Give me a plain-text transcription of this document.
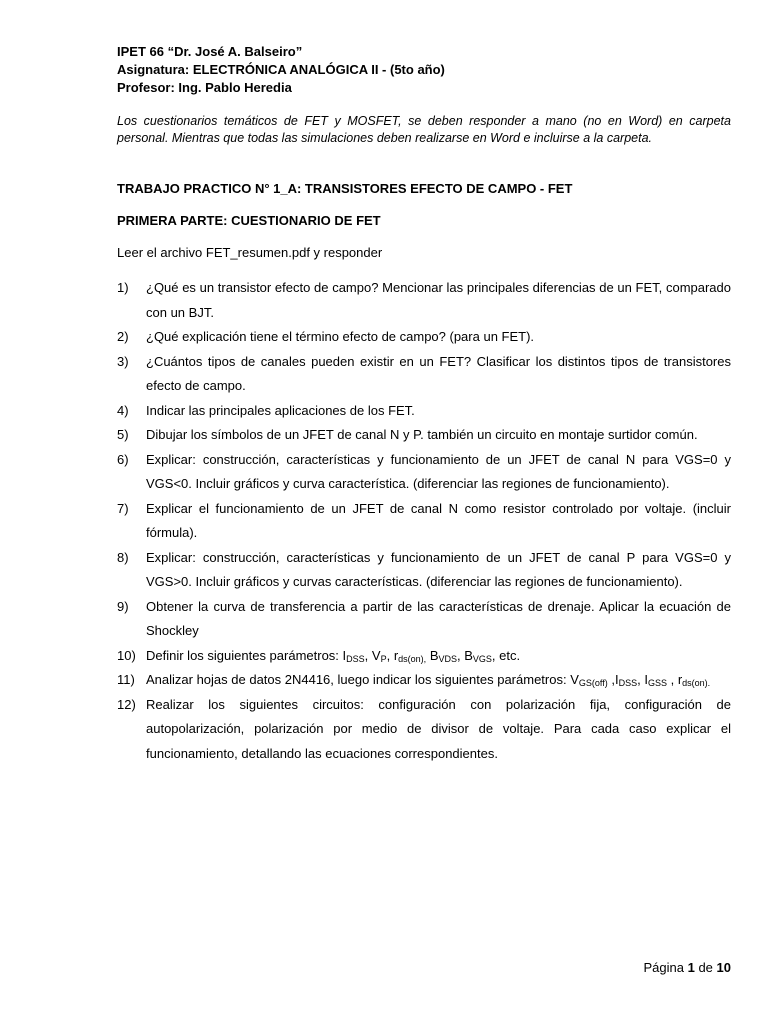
IPET 66 “Dr. José A. Balseiro”
Asignatura: ELECTRÓNICA ANALÓGICA II - (5to año)
Profesor: Ing. Pablo Heredia
Los cuestionarios temáticos de FET y MOSFET, se deben responder a mano (no en Word) en carpeta personal. Mientras que todas las simulaciones deben realizarse en Word e incluirse a la carpeta.
TRABAJO PRACTICO N° 1_A: TRANSISTORES EFECTO DE CAMPO - FET
PRIMERA PARTE: CUESTIONARIO DE FET
Leer el archivo FET_resumen.pdf y responder
1) ¿Qué es un transistor efecto de campo? Mencionar las principales diferencias de un FET, comparado con un BJT.
2) ¿Qué explicación tiene el término efecto de campo? (para un FET).
3) ¿Cuántos tipos de canales pueden existir en un FET? Clasificar los distintos tipos de transistores efecto de campo.
4) Indicar las principales aplicaciones de los FET.
5) Dibujar los símbolos de un JFET de canal N y P. también un circuito en montaje surtidor común.
6) Explicar: construcción, características y funcionamiento de un JFET de canal N para VGS=0 y VGS<0. Incluir gráficos y curva característica. (diferenciar las regiones de funcionamiento).
7) Explicar el funcionamiento de un JFET de canal N como resistor controlado por voltaje. (incluir fórmula).
8) Explicar: construcción, características y funcionamiento de un JFET de canal P para VGS=0 y VGS>0. Incluir gráficos y curvas características. (diferenciar las regiones de funcionamiento).
9) Obtener la curva de transferencia a partir de las características de drenaje. Aplicar la ecuación de Shockley
10) Definir los siguientes parámetros: $I_{DSS}$, $V_P$, $r_{ds(on),}$ $B_{VDS}$, $B_{VGS}$, etc.
11) Analizar hojas de datos 2N4416, luego indicar los siguientes parámetros: $V_{GS(off)}$ $,I_{DSS}$, $I_{GSS}$ , $r_{ds(on).}$
12) Realizar los siguientes circuitos: configuración con polarización fija, configuración de autopolarización, polarización por medio de divisor de voltaje. Para cada caso explicar el funcionamiento, detallando las ecuaciones correspondientes.
Página 1 de 10
